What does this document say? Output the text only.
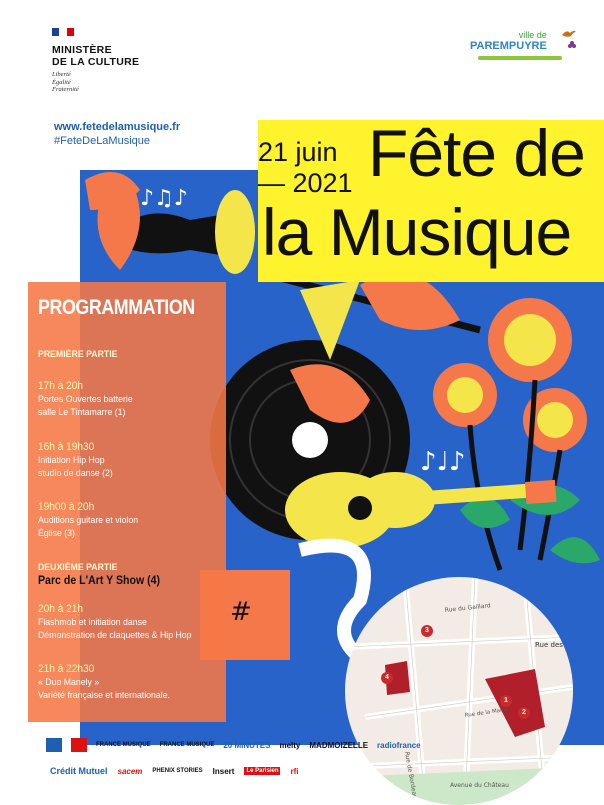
MINISTÈRE
DE LA CULTURE
Liberté
Égalité
Fraternité
ville de
PAREMPUYRE
www.fetedelamusique.fr
#FeteDeLaMusique
♪♫♪
♪♩♪
#
21 juin
— 2021 Fête de
la Musique
PROGRAMMATION
PREMIÈRE PARTIE
17h à 20h
Portes Ouvertes batterie
salle Le Tintamarre (1)
16h à 19h30
Initiation Hip Hop
studio de danse (2)
19h00 à 20h
Auditions guitare et violon
Église (3)
DEUXIÈME PARTIE
Parc de L'Art Y Show (4)
20h à 21h
Flashmob et initiation danse
Démonstration de claquettes & Hip Hop
21h à 22h30
« Duo Manely »
Variété française et internationale.
Rue du Gaillard
Rue des
Rue de Bordeaux	Avenue du Château
Rue de la Mairie
1
2
3
4
FRANCE MUSIQUE FRANCE MUSIQUE 20 MINUTES melty MADMOIZELLE radiofrance
Crédit Mutuel sacem PHENIX STORIES Insert	Le Parisien rfi
